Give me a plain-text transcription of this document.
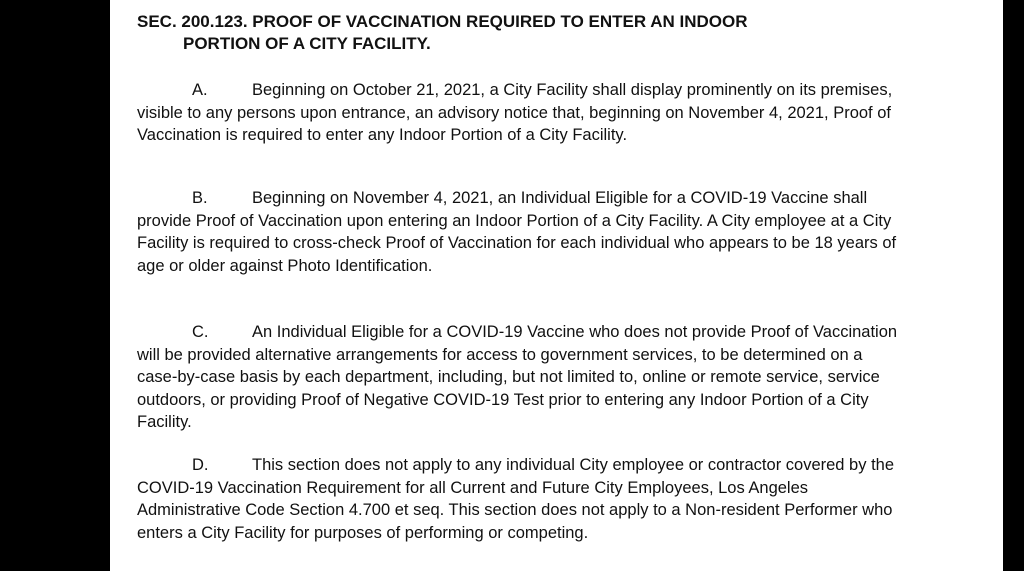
SEC. 200.123. PROOF OF VACCINATION REQUIRED TO ENTER AN INDOOR
PORTION OF A CITY FACILITY.
A.	Beginning on October 21, 2021, a City Facility shall display prominently on its premises, visible to any persons upon entrance, an advisory notice that, beginning on November 4, 2021, Proof of Vaccination is required to enter any Indoor Portion of a City Facility.
B.	Beginning on November 4, 2021, an Individual Eligible for a COVID-19 Vaccine shall provide Proof of Vaccination upon entering an Indoor Portion of a City Facility. A City employee at a City Facility is required to cross-check Proof of Vaccination for each individual who appears to be 18 years of age or older against Photo Identification.
C.	An Individual Eligible for a COVID-19 Vaccine who does not provide Proof of Vaccination will be provided alternative arrangements for access to government services, to be determined on a case-by-case basis by each department, including, but not limited to, online or remote service, service outdoors, or providing Proof of Negative COVID-19 Test prior to entering any Indoor Portion of a City Facility.
D.	This section does not apply to any individual City employee or contractor covered by the COVID-19 Vaccination Requirement for all Current and Future City Employees, Los Angeles Administrative Code Section 4.700 et seq. This section does not apply to a Non-resident Performer who enters a City Facility for purposes of performing or competing.
